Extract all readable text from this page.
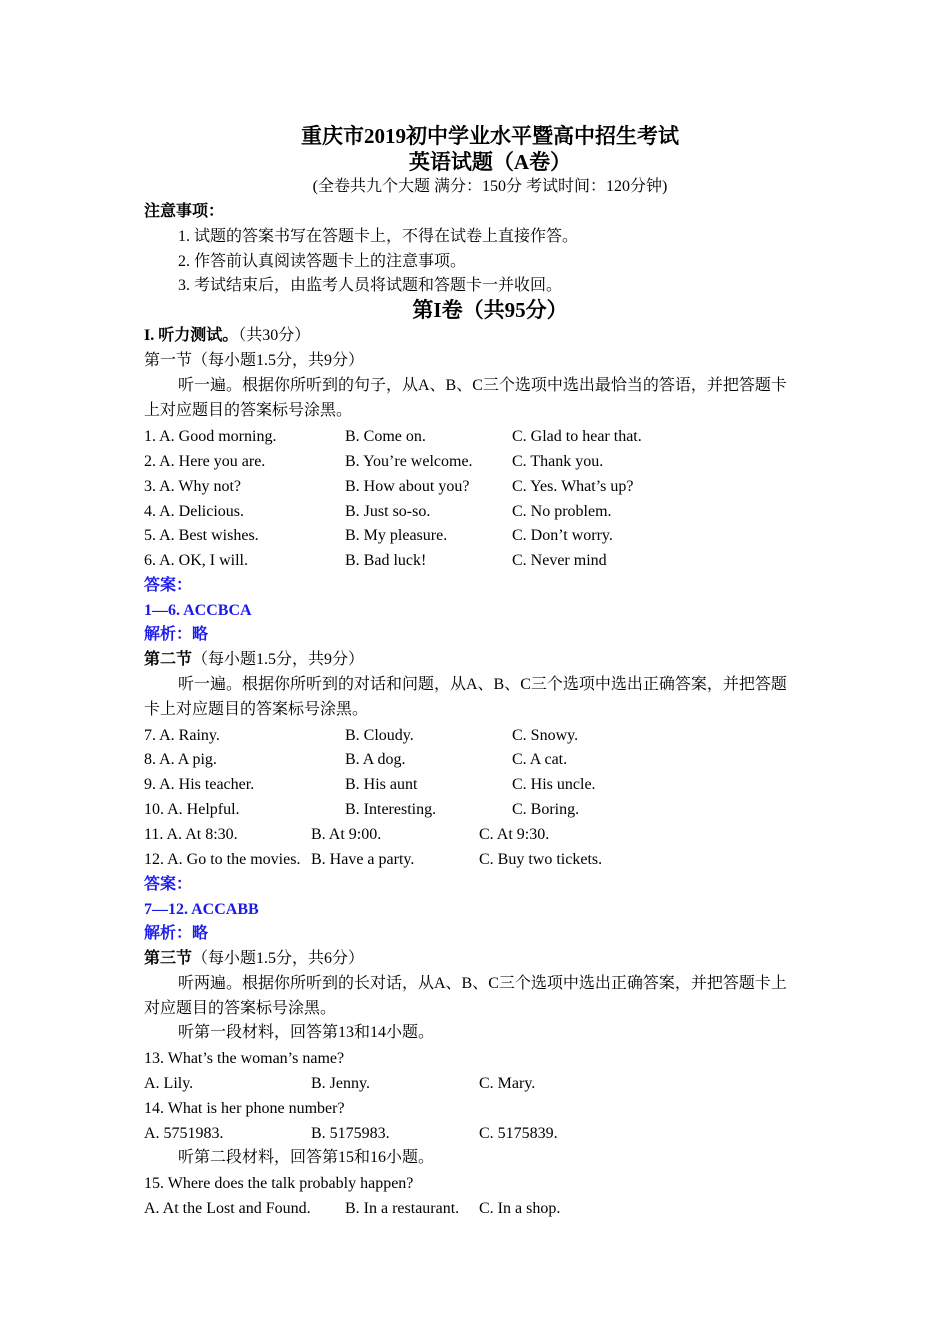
重庆市2019初中学业水平暨高中招生考试
英语试题（A卷）
(全卷共九个大题 满分：150分 考试时间：120分钟)
注意事项：
1. 试题的答案书写在答题卡上，不得在试卷上直接作答。
2. 作答前认真阅读答题卡上的注意事项。
3. 考试结束后，由监考人员将试题和答题卡一并收回。
第I卷（共95分）
I. 听力测试。（共30分）
第一节（每小题1.5分，共9分）
听一遍。根据你所听到的句子，从A、B、C三个选项中选出最恰当的答语，并把答题卡
上对应题目的答案标号涂黑。
1. A. Good morning.	B. Come on.	C. Glad to hear that.
2. A. Here you are.	B. You’re welcome. C. Thank you.
3. A. Why not?	B. How about you?	C. Yes. What’s up?
4. A. Delicious.	B. Just so-so.	C. No problem.
5. A. Best wishes.	B. My pleasure.	C. Don’t worry.
6. A. OK, I will.	B. Bad luck!	C. Never mind
答案：
1—6. ACCBCA
解析：略
第二节（每小题1.5分，共9分）
听一遍。根据你所听到的对话和问题，从A、B、C三个选项中选出正确答案，并把答题
卡上对应题目的答案标号涂黑。
7. A. Rainy.	B. Cloudy.	C. Snowy.
8. A. A pig.	B. A dog.	C. A cat.
9. A. His teacher.	B. His aunt	C. His uncle.
10. A. Helpful.	B. Interesting.	C. Boring.
11. A. At 8:30.	B. At 9:00.	C. At 9:30.
12. A. Go to the movies. B. Have a party.	C. Buy two tickets.
答案：
7—12. ACCABB
解析：略
第三节（每小题1.5分，共6分）
听两遍。根据你所听到的长对话，从A、B、C三个选项中选出正确答案，并把答题卡上
对应题目的答案标号涂黑。
听第一段材料，回答第13和14小题。
13. What’s the woman’s name?
A. Lily.	B. Jenny.	C. Mary.
14. What is her phone number?
A. 5751983.	B. 5175983.	C. 5175839.
听第二段材料，回答第15和16小题。
15. Where does the talk probably happen?
A. At the Lost and Found. B. In a restaurant. C. In a shop.
